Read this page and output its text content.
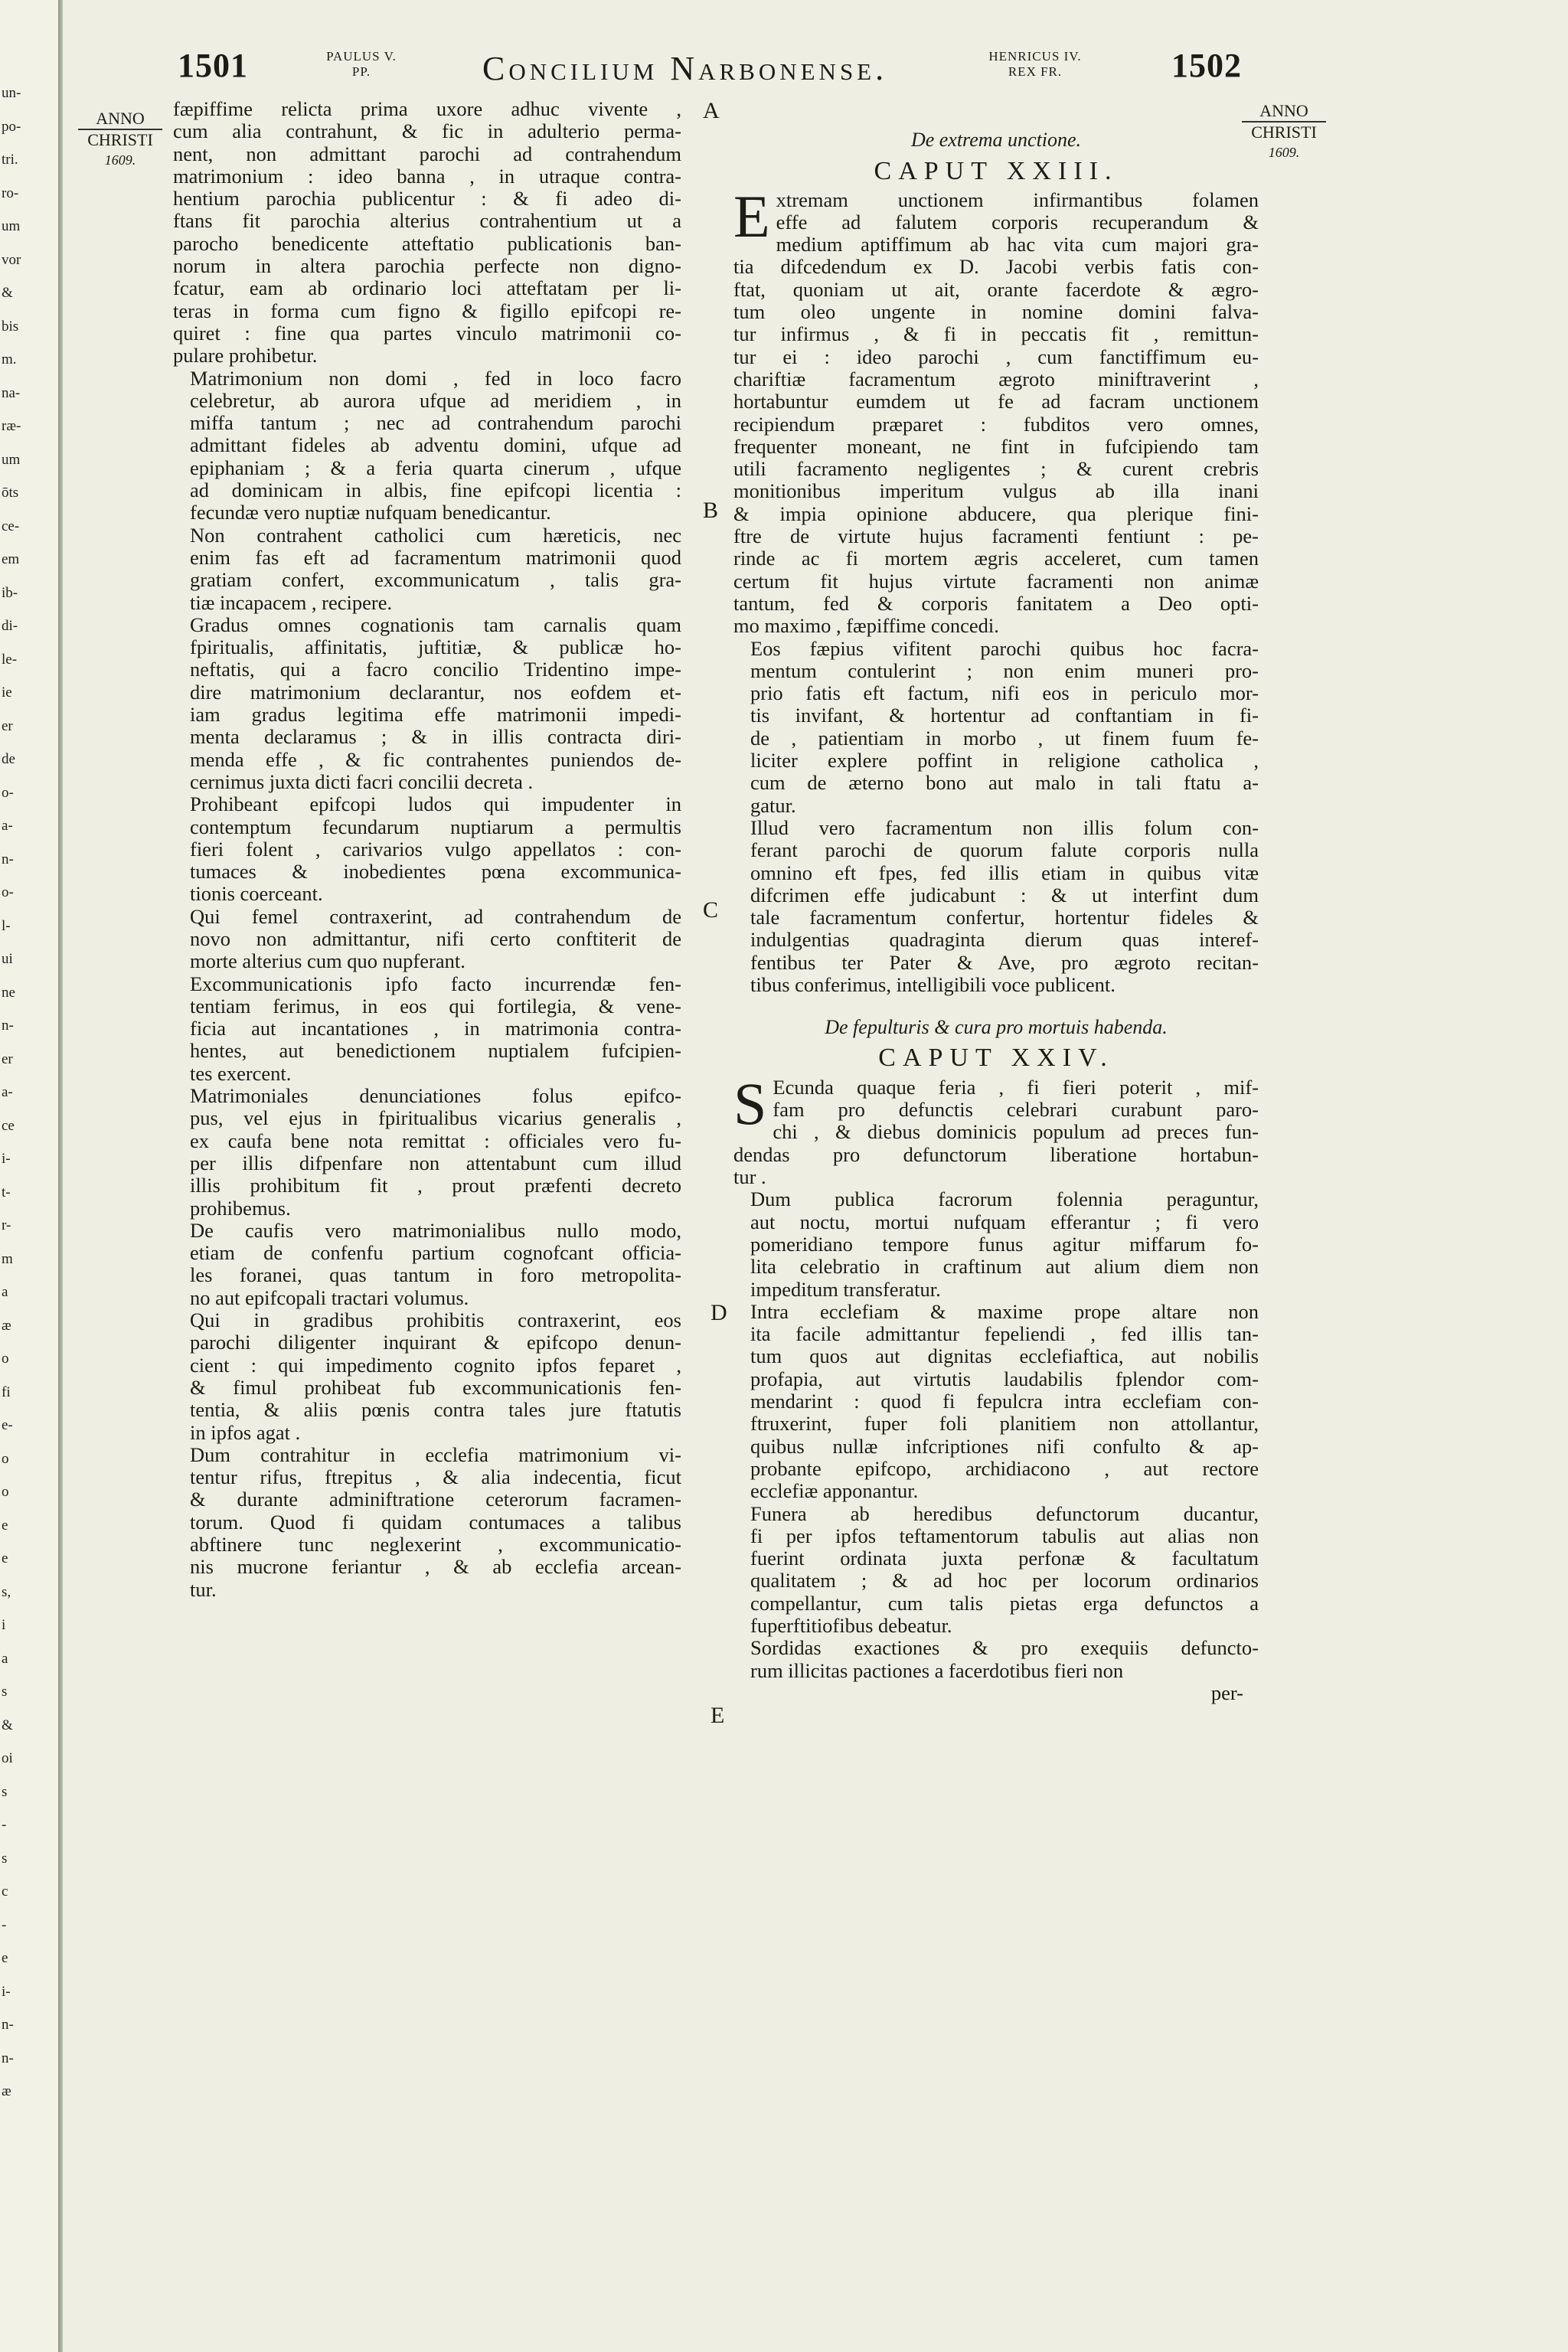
un-
po-
tri.
ro-
um
vor
&
bis
m.
na-
ræ-
um
ōts
ce-
em
ib-
di-
le-
ie
er
de
o-
a-
n-
o-
l-
ui
ne
n-
er
a-
ce
i-
t-
r-
m
a
æ
o
fi
e-
o
o
e
e
s,
i
a
s
&
oi
s
-
s
c
-
e
i-
n-
n-
æ
1501	PAULUS V.
PP.	Concilium Narbonense.	HENRICUS IV.
REX FR.	1502
ANNO
CHRISTI
1609.
ANNO
CHRISTI
1609.
A
B
C
D
E

fæpiffime relicta prima uxore adhuc vivente ,
cum alia contrahunt, & fic in adulterio perma-
nent, non admittant parochi ad contrahendum
matrimonium : ideo banna , in utraque contra-
hentium parochia publicentur : & fi adeo di-
ftans fit parochia alterius contrahentium ut a
parocho benedicente atteftatio publicationis ban-
norum in altera parochia perfecte non digno-
fcatur, eam ab ordinario loci atteftatam per li-
teras in forma cum figno & figillo epifcopi re-
quiret : fine qua partes vinculo matrimonii co-
pulare prohibetur.

Matrimonium non domi , fed in loco facro
celebretur, ab aurora ufque ad meridiem , in
miffa tantum ; nec ad contrahendum parochi
admittant fideles ab adventu domini, ufque ad
epiphaniam ; & a feria quarta cinerum , ufque
ad dominicam in albis, fine epifcopi licentia :
fecundæ vero nuptiæ nufquam benedicantur.

Non contrahent catholici cum hæreticis, nec
enim fas eft ad facramentum matrimonii quod
gratiam confert, excommunicatum , talis gra-
tiæ incapacem , recipere.

Gradus omnes cognationis tam carnalis quam
fpiritualis, affinitatis, juftitiæ, & publicæ ho-
neftatis, qui a facro concilio Tridentino impe-
dire matrimonium declarantur, nos eofdem et-
iam gradus legitima effe matrimonii impedi-
menta declaramus ; & in illis contracta diri-
menda effe , & fic contrahentes puniendos de-
cernimus juxta dicti facri concilii decreta .

Prohibeant epifcopi ludos qui impudenter in
contemptum fecundarum nuptiarum a permultis
fieri folent , carivarios vulgo appellatos : con-
tumaces & inobedientes pœna excommunica-
tionis coerceant.

Qui femel contraxerint, ad contrahendum de
novo non admittantur, nifi certo conftiterit de
morte alterius cum quo nupferant.

Excommunicationis ipfo facto incurrendæ fen-
tentiam ferimus, in eos qui fortilegia, & vene-
ficia aut incantationes , in matrimonia contra-
hentes, aut benedictionem nuptialem fufcipien-
tes exercent.

Matrimoniales denunciationes folus epifco-
pus, vel ejus in fpiritualibus vicarius generalis ,
ex caufa bene nota remittat : officiales vero fu-
per illis difpenfare non attentabunt cum illud
illis prohibitum fit , prout præfenti decreto
prohibemus.

De caufis vero matrimonialibus nullo modo,
etiam de confenfu partium cognofcant officia-
les foranei, quas tantum in foro metropolita-
no aut epifcopali tractari volumus.

Qui in gradibus prohibitis contraxerint, eos
parochi diligenter inquirant & epifcopo denun-
cient : qui impedimento cognito ipfos feparet ,
& fimul prohibeat fub excommunicationis fen-
tentia, & aliis pœnis contra tales jure ftatutis
in ipfos agat .

Dum contrahitur in ecclefia matrimonium vi-
tentur rifus, ftrepitus , & alia indecentia, ficut
& durante adminiftratione ceterorum facramen-
torum. Quod fi quidam contumaces a talibus
abftinere tunc neglexerint , excommunicatio-
nis mucrone feriantur , & ab ecclefia arcean-
tur.

De extrema unctione.
CAPUT XXIII.

E xtremam unctionem infirmantibus folamen
effe ad falutem corporis recuperandum &
medium aptiffimum ab hac vita cum majori gra-
tia difcedendum ex D. Jacobi verbis fatis con-
ftat, quoniam ut ait, orante facerdote & ægro-
tum oleo ungente in nomine domini falva-
tur infirmus , & fi in peccatis fit , remittun-
tur ei : ideo parochi , cum fanctiffimum eu-
chariftiæ facramentum ægroto miniftraverint ,
hortabuntur eumdem ut fe ad facram unctionem
recipiendum præparet : fubditos vero omnes,
frequenter moneant, ne fint in fufcipiendo tam
utili facramento negligentes ; & curent crebris
monitionibus imperitum vulgus ab illa inani
& impia opinione abducere, qua plerique fini-
ftre de virtute hujus facramenti fentiunt : pe-
rinde ac fi mortem ægris acceleret, cum tamen
certum fit hujus virtute facramenti non animæ
tantum, fed & corporis fanitatem a Deo opti-
mo maximo , fæpiffime concedi.

Eos fæpius vifitent parochi quibus hoc facra-
mentum contulerint ; non enim muneri pro-
prio fatis eft factum, nifi eos in periculo mor-
tis invifant, & hortentur ad conftantiam in fi-
de , patientiam in morbo , ut finem fuum fe-
liciter explere poffint in religione catholica ,
cum de æterno bono aut malo in tali ftatu a-
gatur.

Illud vero facramentum non illis folum con-
ferant parochi de quorum falute corporis nulla
omnino eft fpes, fed illis etiam in quibus vitæ
difcrimen effe judicabunt : & ut interfint dum
tale facramentum confertur, hortentur fideles &
indulgentias quadraginta dierum quas interef-
fentibus ter Pater & Ave, pro ægroto recitan-
tibus conferimus, intelligibili voce publicent.

De fepulturis & cura pro mortuis habenda.
CAPUT XXIV.

S Ecunda quaque feria , fi fieri poterit , mif-
fam pro defunctis celebrari curabunt paro-
chi , & diebus dominicis populum ad preces fun-
dendas pro defunctorum liberatione hortabun-
tur .

Dum publica facrorum folennia peraguntur,
aut noctu, mortui nufquam efferantur ; fi vero
pomeridiano tempore funus agitur miffarum fo-
lita celebratio in craftinum aut alium diem non
impeditum transferatur.

Intra ecclefiam & maxime prope altare non
ita facile admittantur fepeliendi , fed illis tan-
tum quos aut dignitas ecclefiaftica, aut nobilis
profapia, aut virtutis laudabilis fplendor com-
mendarint : quod fi fepulcra intra ecclefiam con-
ftruxerint, fuper foli planitiem non attollantur,
quibus nullæ infcriptiones nifi confulto & ap-
probante epifcopo, archidiacono , aut rectore
ecclefiæ apponantur.

Funera ab heredibus defunctorum ducantur,
fi per ipfos teftamentorum tabulis aut alias non
fuerint ordinata juxta perfonæ & facultatum
qualitatem ; & ad hoc per locorum ordinarios
compellantur, cum talis pietas erga defunctos a
fuperftitiofibus debeatur.

Sordidas exactiones & pro exequiis defuncto-
rum illicitas pactiones a facerdotibus fieri non

per-
